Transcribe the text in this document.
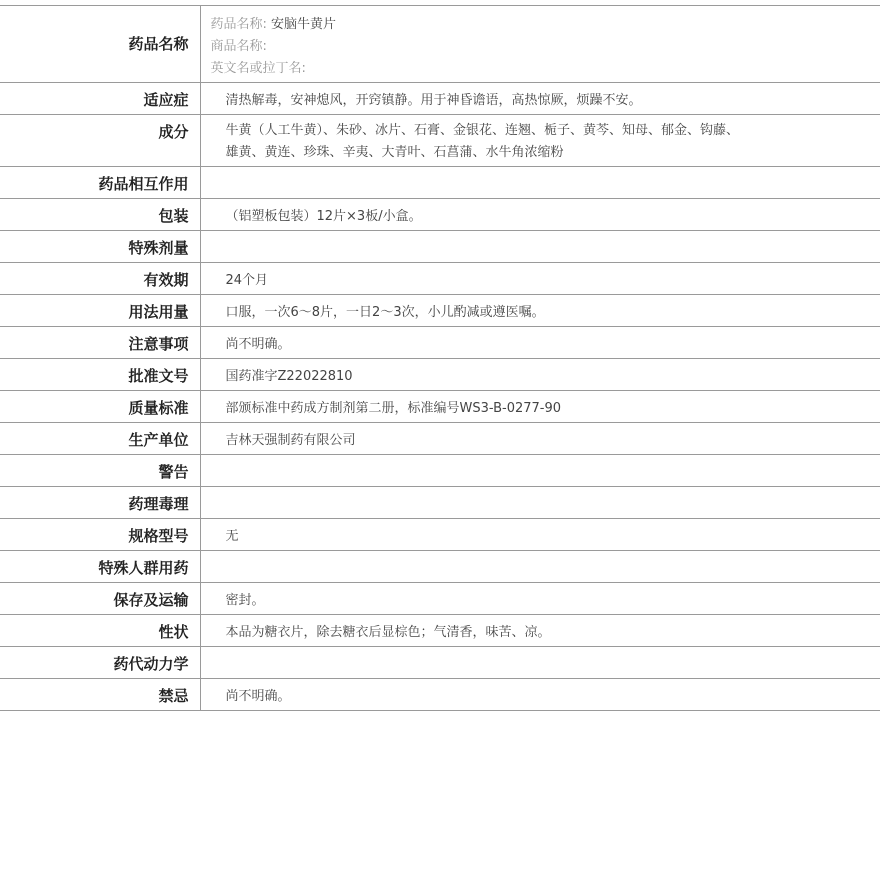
药品名称	药品名称: 安脑牛黄片
商品名称:
英文名或拉丁名:

适应症	清热解毒，安神熄风，开窍镇静。用于神昏谵语，高热惊厥，烦躁不安。
成分	牛黄（人工牛黄）、朱砂、冰片、石膏、金银花、连翘、栀子、黄芩、知母、郁金、钩藤、
雄黄、黄连、珍珠、辛夷、大青叶、石菖蒲、水牛角浓缩粉

药品相互作用	
包装	（铝塑板包装）12片×3板/小盒。
特殊剂量	
有效期	24个月
用法用量	口服，一次6～8片，一日2～3次，小儿酌减或遵医嘱。
注意事项	尚不明确。
批准文号	国药准字Z22022810
质量标准	部颁标准中药成方制剂第二册，标准编号WS3-B-0277-90
生产单位	吉林天强制药有限公司
警告	
药理毒理	
规格型号	无
特殊人群用药	
保存及运输	密封。
性状	本品为糖衣片，除去糖衣后显棕色；气清香，味苦、凉。
药代动力学	
禁忌	尚不明确。
